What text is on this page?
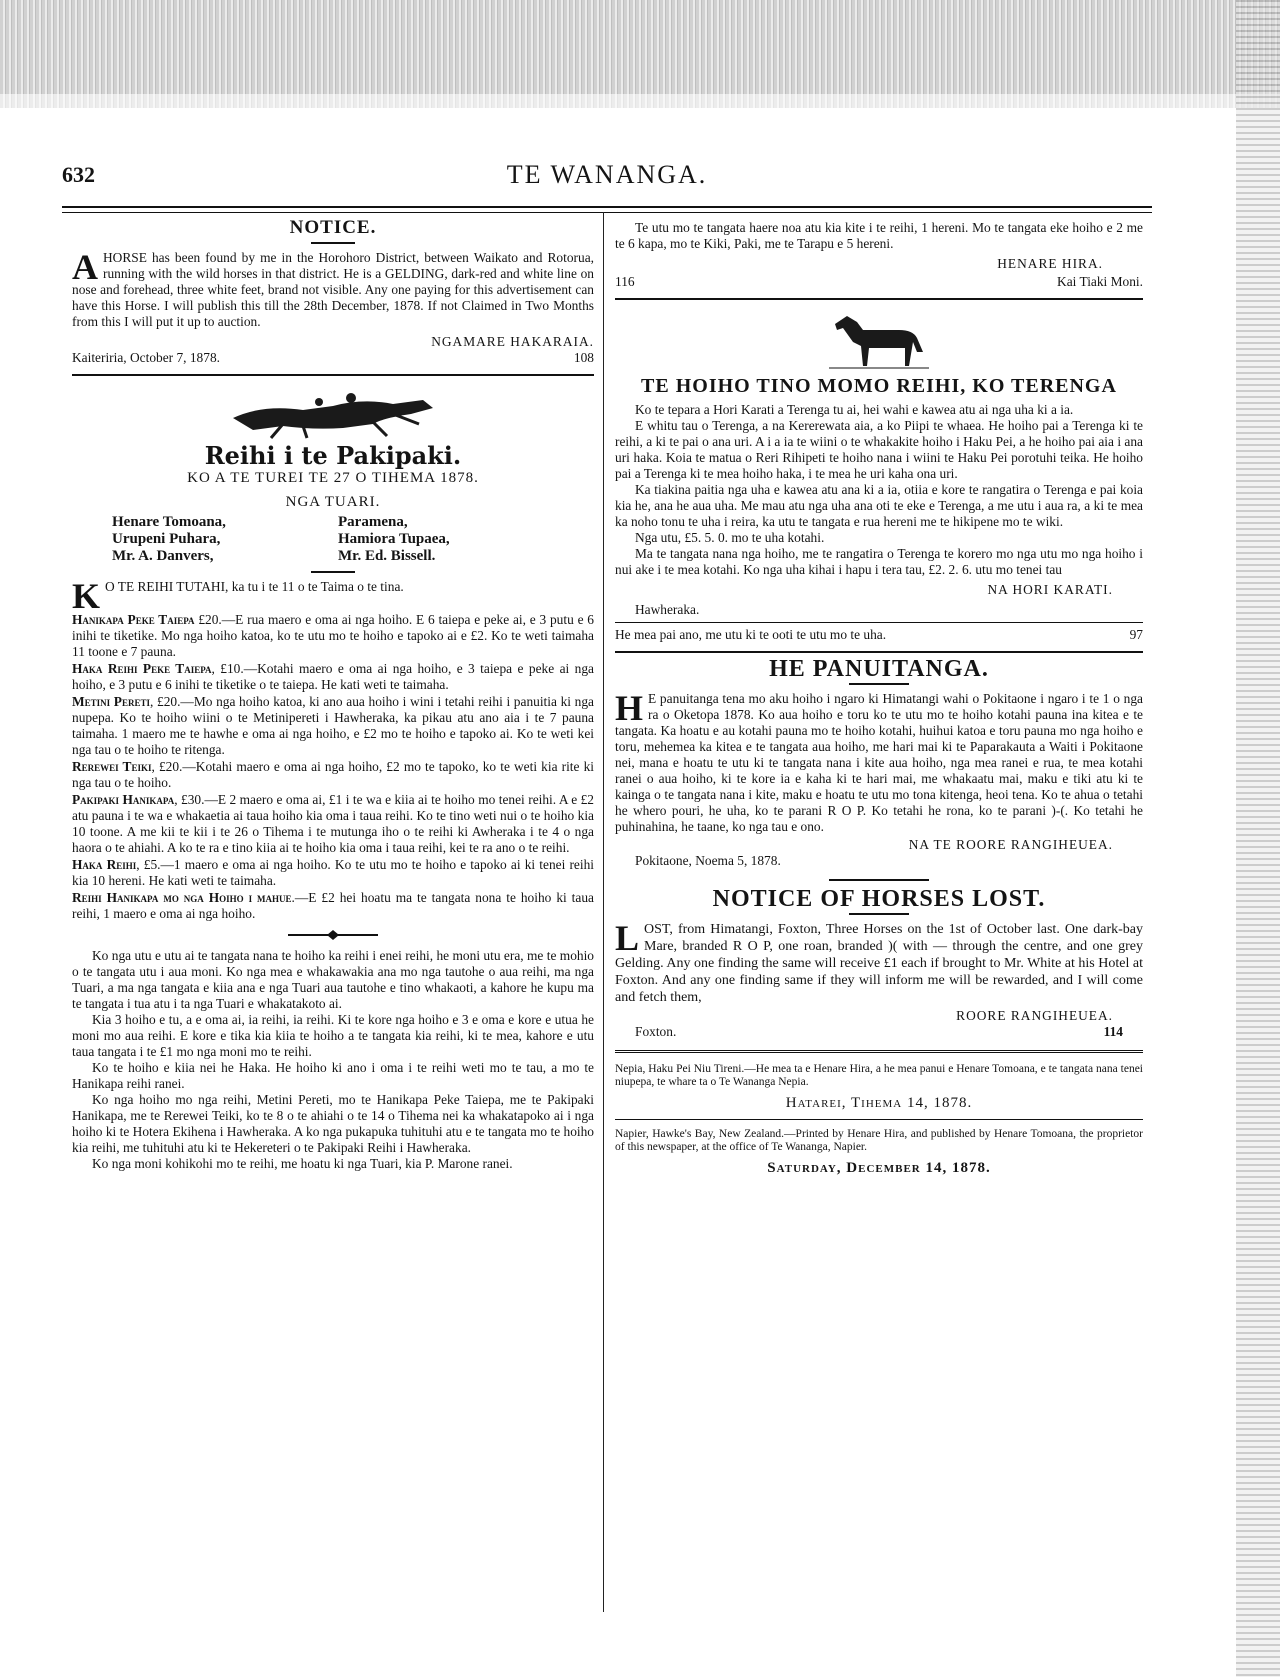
632	TE WANANGA.
NOTICE.

A HORSE has been found by me in the Horohoro District, between Waikato and Rotorua, running with the wild horses in that district. He is a GELDING, dark-red and white line on nose and forehead, three white feet, brand not visible. Any one paying for this advertisement can have this Horse. I will publish this till the 28th December, 1878. If not Claimed in Two Months from this I will put it up to auction.

NGAMARE HAKARAIA.

Kaiteriria, October 7, 1878.	108
Reihi i te Pakipaki.
KO A TE TUREI TE 27 O TIHEMA 1878.
NGA TUARI.
Henare Tomoana,	Paramena,
Urupeni Puhara,	Hamiora Tupaea,
Mr. A. Danvers,	Mr. Ed. Bissell.

K O TE REIHI TUTAHI, ka tu i te 11 o te Taima o te tina.

Hanikapa Peke Taiepa £20.—E rua maero e oma ai nga hoiho. E 6 taiepa e peke ai, e 3 putu e 6 inihi te tiketike. Mo nga hoiho katoa, ko te utu mo te hoiho e tapoko ai e £2. Ko te weti taimaha 11 toone e 7 pauna.

Haka Reihi Peke Taiepa, £10.—Kotahi maero e oma ai nga hoiho, e 3 taiepa e peke ai nga hoiho, e 3 putu e 6 inihi te tiketike o te taiepa. He kati weti te taimaha.

Metini Pereti, £20.—Mo nga hoiho katoa, ki ano aua hoiho i wini i tetahi reihi i panuitia ki nga nupepa. Ko te hoiho wiini o te Metinipereti i Hawheraka, ka pikau atu ano aia i te 7 pauna taimaha. 1 maero me te hawhe e oma ai nga hoiho, e £2 mo te hoiho e tapoko ai. Ko te weti kei nga tau o te hoiho te ritenga.

Rerewei Teiki, £20.—Kotahi maero e oma ai nga hoiho, £2 mo te tapoko, ko te weti kia rite ki nga tau o te hoiho.

Pakipaki Hanikapa, £30.—E 2 maero e oma ai, £1 i te wa e kiia ai te hoiho mo tenei reihi. A e £2 atu pauna i te wa e whakaetia ai taua hoiho kia oma i taua reihi. Ko te tino weti nui o te hoiho kia 10 toone. A me kii te kii i te 26 o Tihema i te mutunga iho o te reihi ki Awheraka i te 4 o nga haora o te ahiahi. A ko te ra e tino kiia ai te hoiho kia oma i taua reihi, kei te ra ano o te reihi.

Haka Reihi, £5.—1 maero e oma ai nga hoiho. Ko te utu mo te hoiho e tapoko ai ki tenei reihi kia 10 hereni. He kati weti te taimaha.

Reihi Hanikapa mo nga Hoiho i mahue.—E £2 hei hoatu ma te tangata nona te hoiho ki taua reihi, 1 maero e oma ai nga hoiho.

Ko nga utu e utu ai te tangata nana te hoiho ka reihi i enei reihi, he moni utu era, me te mohio o te tangata utu i aua moni. Ko nga mea e whakawakia ana mo nga tautohe o aua reihi, ma nga Tuari, a ma nga tangata e kiia ana e nga Tuari aua tautohe e tino whakaoti, a kahore he kupu ma te tangata i tua atu i ta nga Tuari e whakatakoto ai.

Kia 3 hoiho e tu, a e oma ai, ia reihi, ia reihi. Ki te kore nga hoiho e 3 e oma e kore e utua he moni mo aua reihi. E kore e tika kia kiia te hoiho a te tangata kia reihi, ki te mea, kahore e utu taua tangata i te £1 mo nga moni mo te reihi.

Ko te hoiho e kiia nei he Haka. He hoiho ki ano i oma i te reihi weti mo te tau, a mo te Hanikapa reihi ranei.

Ko nga hoiho mo nga reihi, Metini Pereti, mo te Hanikapa Peke Taiepa, me te Pakipaki Hanikapa, me te Rerewei Teiki, ko te 8 o te ahiahi o te 14 o Tihema nei ka whakatapoko ai i nga hoiho ki te Hotera Ekihena i Hawheraka. A ko nga pukapuka tuhituhi atu e te tangata mo te hoiho kia reihi, me tuhituhi atu ki te Hekereteri o te Pakipaki Reihi i Hawheraka.

Ko nga moni kohikohi mo te reihi, me hoatu ki nga Tuari, kia P. Marone ranei.

Te utu mo te tangata haere noa atu kia kite i te reihi, 1 hereni. Mo te tangata eke hoiho e 2 me te 6 kapa, mo te Kiki, Paki, me te Tarapu e 5 hereni.

HENARE HIRA.

116	Kai Tiaki Moni.
TE HOIHO TINO MOMO REIHI, KO TERENGA

Ko te tepara a Hori Karati a Terenga tu ai, hei wahi e kawea atu ai nga uha ki a ia.

E whitu tau o Terenga, a na Kererewata aia, a ko Piipi te whaea. He hoiho pai a Terenga ki te reihi, a ki te pai o ana uri. A i a ia te wiini o te whakakite hoiho i Haku Pei, a he hoiho pai aia i ana uri haka. Koia te matua o Reri Rihipeti te hoiho nana i wiini te Haku Pei porotuhi teika. He hoiho pai a Terenga ki te mea hoiho haka, i te mea he uri kaha ona uri.

Ka tiakina paitia nga uha e kawea atu ana ki a ia, otiia e kore te rangatira o Terenga e pai koia kia he, ana he aua uha. Me mau atu nga uha ana oti te eke e Terenga, a me utu i aua ra, a ki te mea ka noho tonu te uha i reira, ka utu te tangata e rua hereni me te hikipene mo te wiki.

Nga utu, £5. 5. 0. mo te uha kotahi.

Ma te tangata nana nga hoiho, me te rangatira o Terenga te korero mo nga utu mo nga hoiho i nui ake i te mea kotahi. Ko nga uha kihai i hapu i tera tau, £2. 2. 6. utu mo tenei tau

NA HORI KARATI.

Hawheraka.

He mea pai ano, me utu ki te ooti te utu mo te uha.	97
HE PANUITANGA.

H E panuitanga tena mo aku hoiho i ngaro ki Himatangi wahi o Pokitaone i ngaro i te 1 o nga ra o Oketopa 1878. Ko aua hoiho e toru ko te utu mo te hoiho kotahi pauna ina kitea e te tangata. Ka hoatu e au kotahi pauna mo te hoiho kotahi, huihui katoa e toru pauna mo nga hoiho e toru, mehemea ka kitea e te tangata aua hoiho, me hari mai ki te Paparakauta a Waiti i Pokitaone nei, mana e hoatu te utu ki te tangata nana i kite aua hoiho, nga mea ranei e rua, te mea kotahi ranei o aua hoiho, ki te kore ia e kaha ki te hari mai, me whakaatu mai, maku e tiki atu ki te kainga o te tangata nana i kite, maku e hoatu te utu mo tona kitenga, heoi tena. Ko te ahua o tetahi he whero pouri, he uha, ko te parani R O P. Ko tetahi he rona, ko te parani )-(. Ko tetahi he puhinahina, he taane, ko nga tau e ono.

NA TE ROORE RANGIHEUEA.

Pokitaone, Noema 5, 1878.

NOTICE OF HORSES LOST.

LOST, from Himatangi, Foxton, Three Horses on the 1st of October last. One dark-bay Mare, branded R O P, one roan, branded )( with — through the centre, and one grey Gelding. Any one finding the same will receive £1 each if brought to Mr. White at his Hotel at Foxton. And any one finding same if they will inform me will be rewarded, and I will come and fetch them,

ROORE RANGIHEUEA.

Foxton.	114

Nepia, Haku Pei Niu Tireni.—He mea ta e Henare Hira, a he mea panui e Henare Tomoana, e te tangata nana tenei niupepa, te whare ta o Te Wananga Nepia.

Hatarei, Tihema 14, 1878.

Napier, Hawke's Bay, New Zealand.—Printed by Henare Hira, and published by Henare Tomoana, the proprietor of this newspaper, at the office of Te Wananga, Napier.

Saturday, December 14, 1878.
